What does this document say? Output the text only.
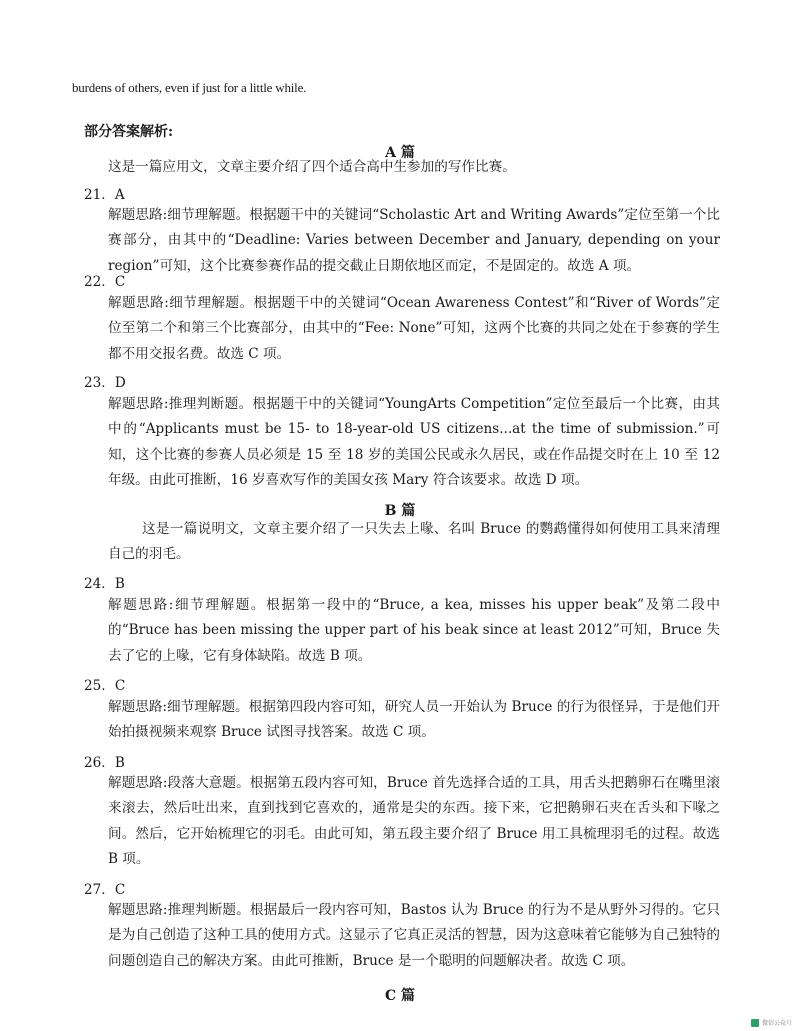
burdens of others, even if just for a little while.
部分答案解析:
A 篇
这是一篇应用文，文章主要介绍了四个适合高中生参加的写作比赛。
21．A
解题思路:细节理解题。根据题干中的关键词“Scholastic Art and Writing Awards”定位至第一个比赛部分，由其中的“Deadline: Varies between December and January, depending on your region”可知，这个比赛参赛作品的提交截止日期依地区而定，不是固定的。故选 A 项。
22．C
解题思路:细节理解题。根据题干中的关键词“Ocean Awareness Contest”和“River of Words”定位至第二个和第三个比赛部分，由其中的“Fee: None”可知，这两个比赛的共同之处在于参赛的学生都不用交报名费。故选 C 项。
23．D
解题思路:推理判断题。根据题干中的关键词“YoungArts Competition”定位至最后一个比赛，由其中的“Applicants must be 15- to 18-year-old US citizens...at the time of submission.”可知，这个比赛的参赛人员必须是 15 至 18 岁的美国公民或永久居民，或在作品提交时在上 10 至 12 年级。由此可推断，16 岁喜欢写作的美国女孩 Mary 符合该要求。故选 D 项。
B 篇
这是一篇说明文，文章主要介绍了一只失去上喙、名叫 Bruce 的鹦鹉懂得如何使用工具来清理自己的羽毛。
24．B
解题思路:细节理解题。根据第一段中的“Bruce, a kea, misses his upper beak”及第二段中的“Bruce has been missing the upper part of his beak since at least 2012”可知，Bruce 失去了它的上喙，它有身体缺陷。故选 B 项。
25．C
解题思路:细节理解题。根据第四段内容可知，研究人员一开始认为 Bruce 的行为很怪异，于是他们开始拍摄视频来观察 Bruce 试图寻找答案。故选 C 项。
26．B
解题思路:段落大意题。根据第五段内容可知，Bruce 首先选择合适的工具，用舌头把鹅卵石在嘴里滚来滚去，然后吐出来，直到找到它喜欢的，通常是尖的东西。接下来，它把鹅卵石夹在舌头和下喙之间。然后，它开始梳理它的羽毛。由此可知，第五段主要介绍了 Bruce 用工具梳理羽毛的过程。故选 B 项。
27．C
解题思路:推理判断题。根据最后一段内容可知，Bastos 认为 Bruce 的行为不是从野外习得的。它只是为自己创造了这种工具的使用方式。这显示了它真正灵活的智慧，因为这意味着它能够为自己独特的问题创造自己的解决方案。由此可推断，Bruce 是一个聪明的问题解决者。故选 C 项。
C 篇
微信公众号
